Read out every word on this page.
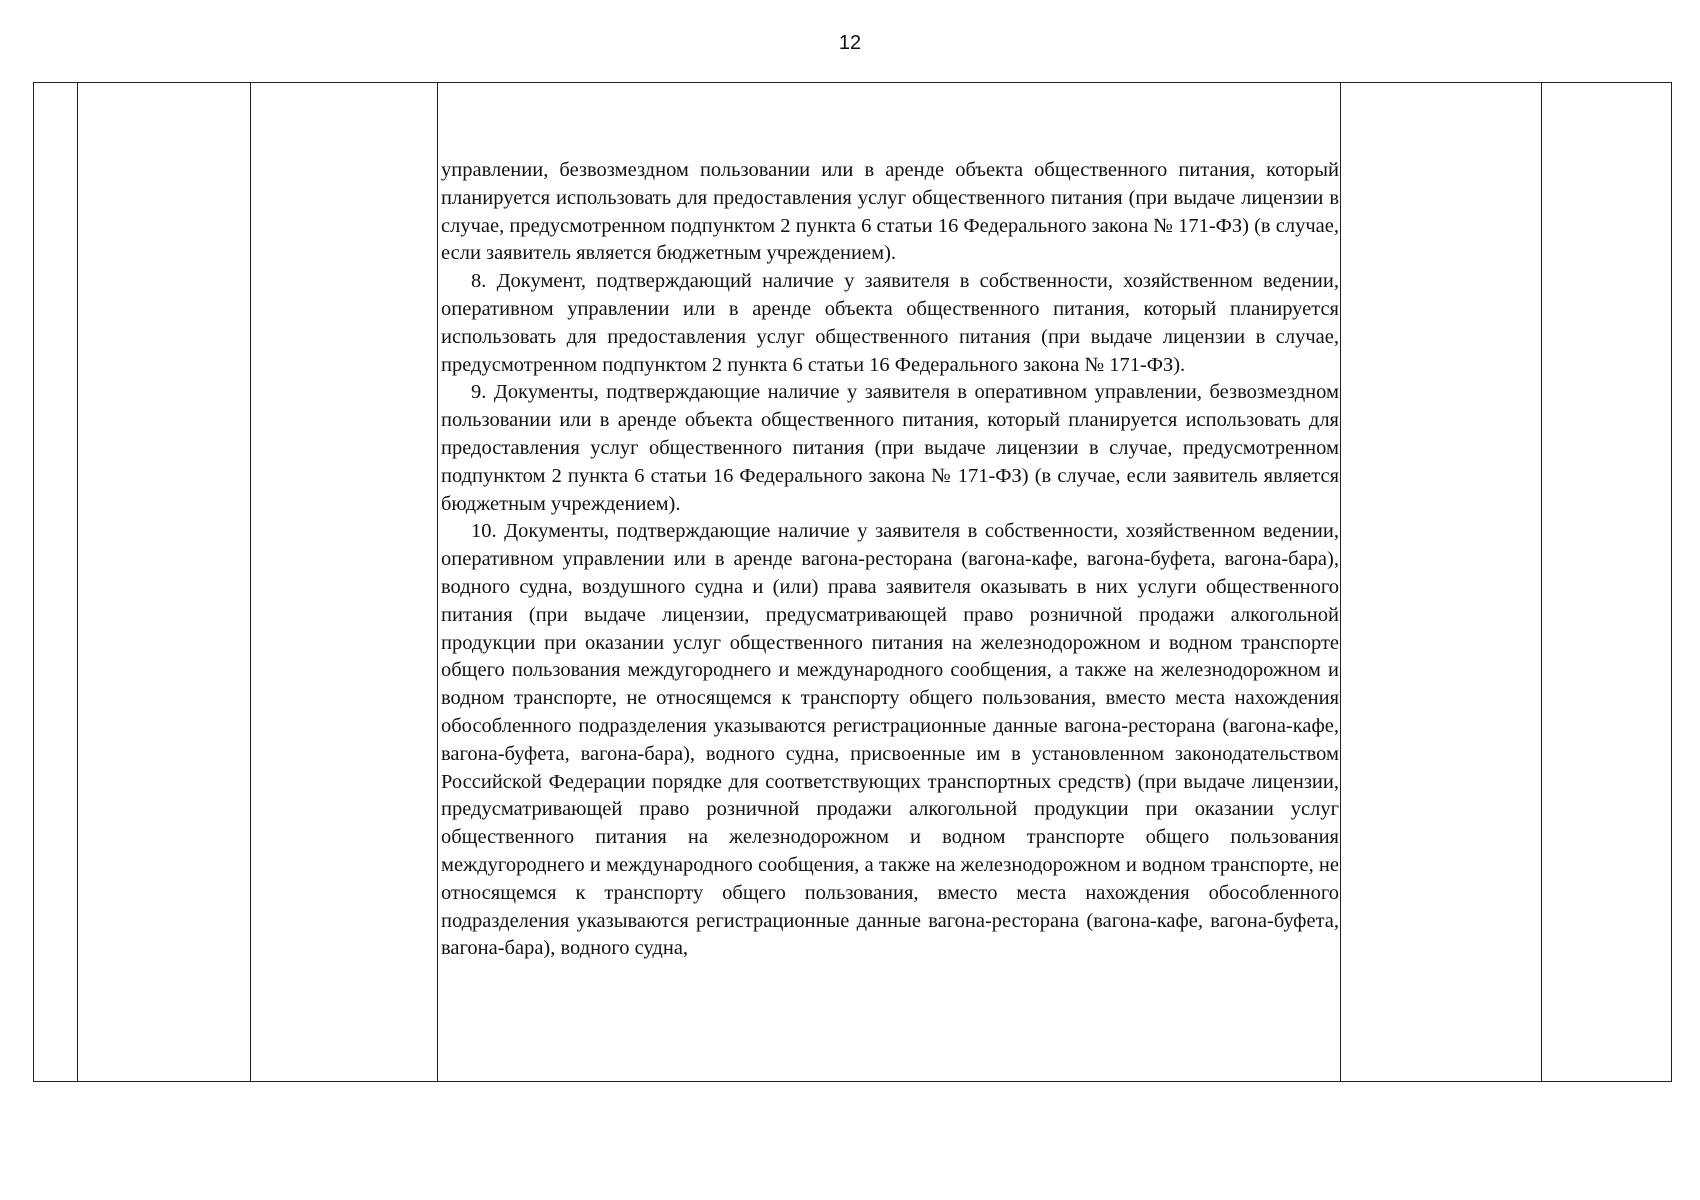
12

управлении, безвозмездном пользовании или в аренде объекта общественного питания, который планируется использовать для предоставления услуг общественного питания (при выдаче лицензии в случае, предусмотренном подпунктом 2 пункта 6 статьи 16 Федерального закона № 171-ФЗ) (в случае, если заявитель является бюджетным учреждением).

8. Документ, подтверждающий наличие у заявителя в собственности, хозяйственном ведении, оперативном управлении или в аренде объекта общественного питания, который планируется использовать для предоставления услуг общественного питания (при выдаче лицензии в случае, предусмотренном подпунктом 2 пункта 6 статьи 16 Федерального закона № 171-ФЗ).

9. Документы, подтверждающие наличие у заявителя в оперативном управлении, безвозмездном пользовании или в аренде объекта общественного питания, который планируется использовать для предоставления услуг общественного питания (при выдаче лицензии в случае, предусмотренном подпунктом 2 пункта 6 статьи 16 Федерального закона № 171-ФЗ) (в случае, если заявитель является бюджетным учреждением).

10. Документы, подтверждающие наличие у заявителя в собственности, хозяйственном ведении, оперативном управлении или в аренде вагона-ресторана (вагона-кафе, вагона-буфета, вагона-бара), водного судна, воздушного судна и (или) права заявителя оказывать в них услуги общественного питания (при выдаче лицензии, предусматривающей право розничной продажи алкогольной продукции при оказании услуг общественного питания на железнодорожном и водном транспорте общего пользования междугороднего и международного сообщения, а также на железнодорожном и водном транспорте, не относящемся к транспорту общего пользования, вместо места нахождения обособленного подразделения указываются регистрационные данные вагона-ресторана (вагона-кафе, вагона-буфета, вагона-бара), водного судна, присвоенные им в установленном законодательством Российской Федерации порядке для соответствующих транспортных средств) (при выдаче лицензии, предусматривающей право розничной продажи алкогольной продукции при оказании услуг общественного питания на железнодорожном и водном транспорте общего пользования междугороднего и международного сообщения, а также на железнодорожном и водном транспорте, не относящемся к транспорту общего пользования, вместо места нахождения обособленного подразделения указываются регистрационные данные вагона-ресторана (вагона-кафе, вагона-буфета, вагона-бара), водного судна,
